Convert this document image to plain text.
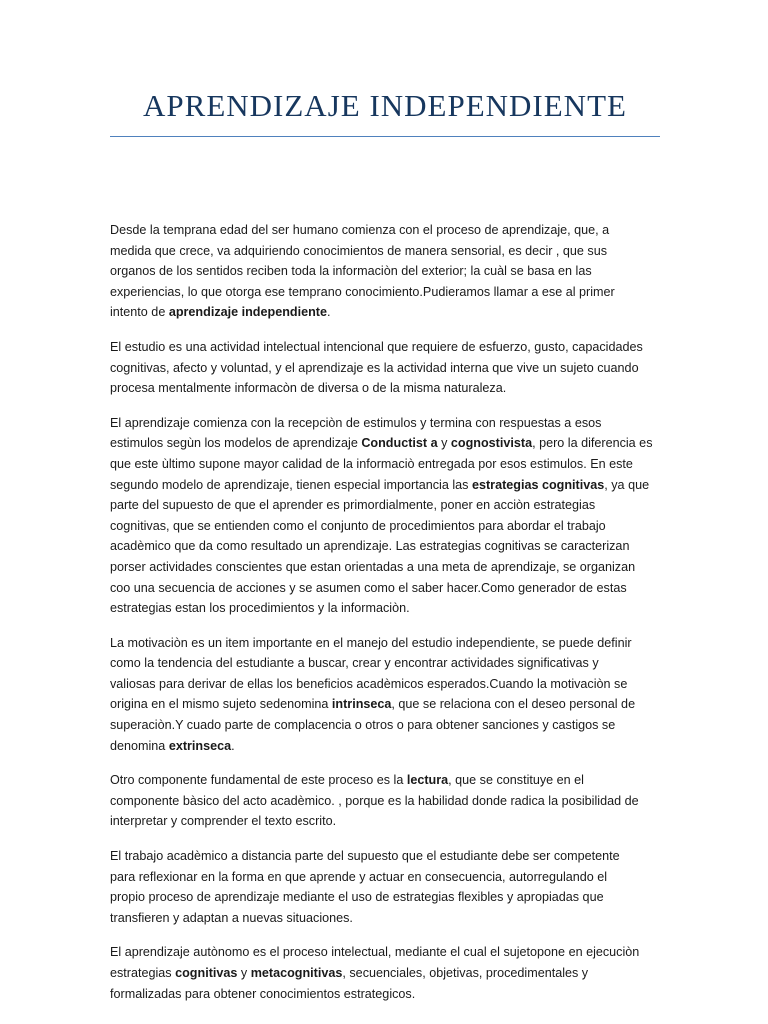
APRENDIZAJE INDEPENDIENTE

Desde la temprana edad del ser humano comienza con el proceso de aprendizaje, que, a
medida que crece, va adquiriendo conocimientos de manera sensorial, es decir , que sus
organos de los sentidos reciben toda la informaciòn del exterior; la cuàl se basa en las
experiencias, lo que otorga ese temprano conocimiento.Pudieramos llamar a ese al primer
intento de aprendizaje independiente.

El estudio es una actividad intelectual intencional que requiere de esfuerzo, gusto, capacidades
cognitivas, afecto y voluntad, y el aprendizaje es la actividad interna que vive un sujeto cuando
procesa mentalmente informacòn de diversa o de la misma naturaleza.

El aprendizaje comienza con la recepciòn de estimulos y termina con respuestas a esos
estimulos segùn los modelos de aprendizaje Conductist a y cognostivista, pero la diferencia es
que este ùltimo supone mayor calidad de la informaciò entregada por esos estimulos. En este
segundo modelo de aprendizaje, tienen especial importancia las estrategias cognitivas, ya que
parte del supuesto de que el aprender es primordialmente, poner en acciòn estrategias
cognitivas, que se entienden como el conjunto de procedimientos para abordar el trabajo
acadèmico que da como resultado un aprendizaje. Las estrategias cognitivas se caracterizan
porser actividades conscientes que estan orientadas a una meta de aprendizaje, se organizan
coo una secuencia de acciones y se asumen como el saber hacer.Como generador de estas
estrategias estan los procedimientos y la informaciòn.

La motivaciòn es un item importante en el manejo del estudio independiente, se puede definir
como la tendencia del estudiante a buscar, crear y encontrar actividades significativas y
valiosas para derivar de ellas los beneficios acadèmicos esperados.Cuando la motivaciòn se
origina en el mismo sujeto sedenomina intrinseca, que se relaciona con el deseo personal de
superaciòn.Y cuado parte de complacencia o otros o para obtener sanciones y castigos se
denomina extrinseca.

Otro componente fundamental de este proceso es la lectura, que se constituye en el
componente bàsico del acto acadèmico. , porque es la habilidad donde radica la posibilidad de
interpretar y comprender el texto escrito.

El trabajo acadèmico a distancia parte del supuesto que el estudiante debe ser competente
para reflexionar en la forma en que aprende y actuar en consecuencia, autorregulando el
propio proceso de aprendizaje mediante el uso de estrategias flexibles y apropiadas que
transfieren y adaptan a nuevas situaciones.

El aprendizaje autònomo es el proceso intelectual, mediante el cual el sujetopone en ejecuciòn
estrategias cognitivas y metacognitivas, secuenciales, objetivas, procedimentales y
formalizadas para obtener conocimientos estrategicos.
